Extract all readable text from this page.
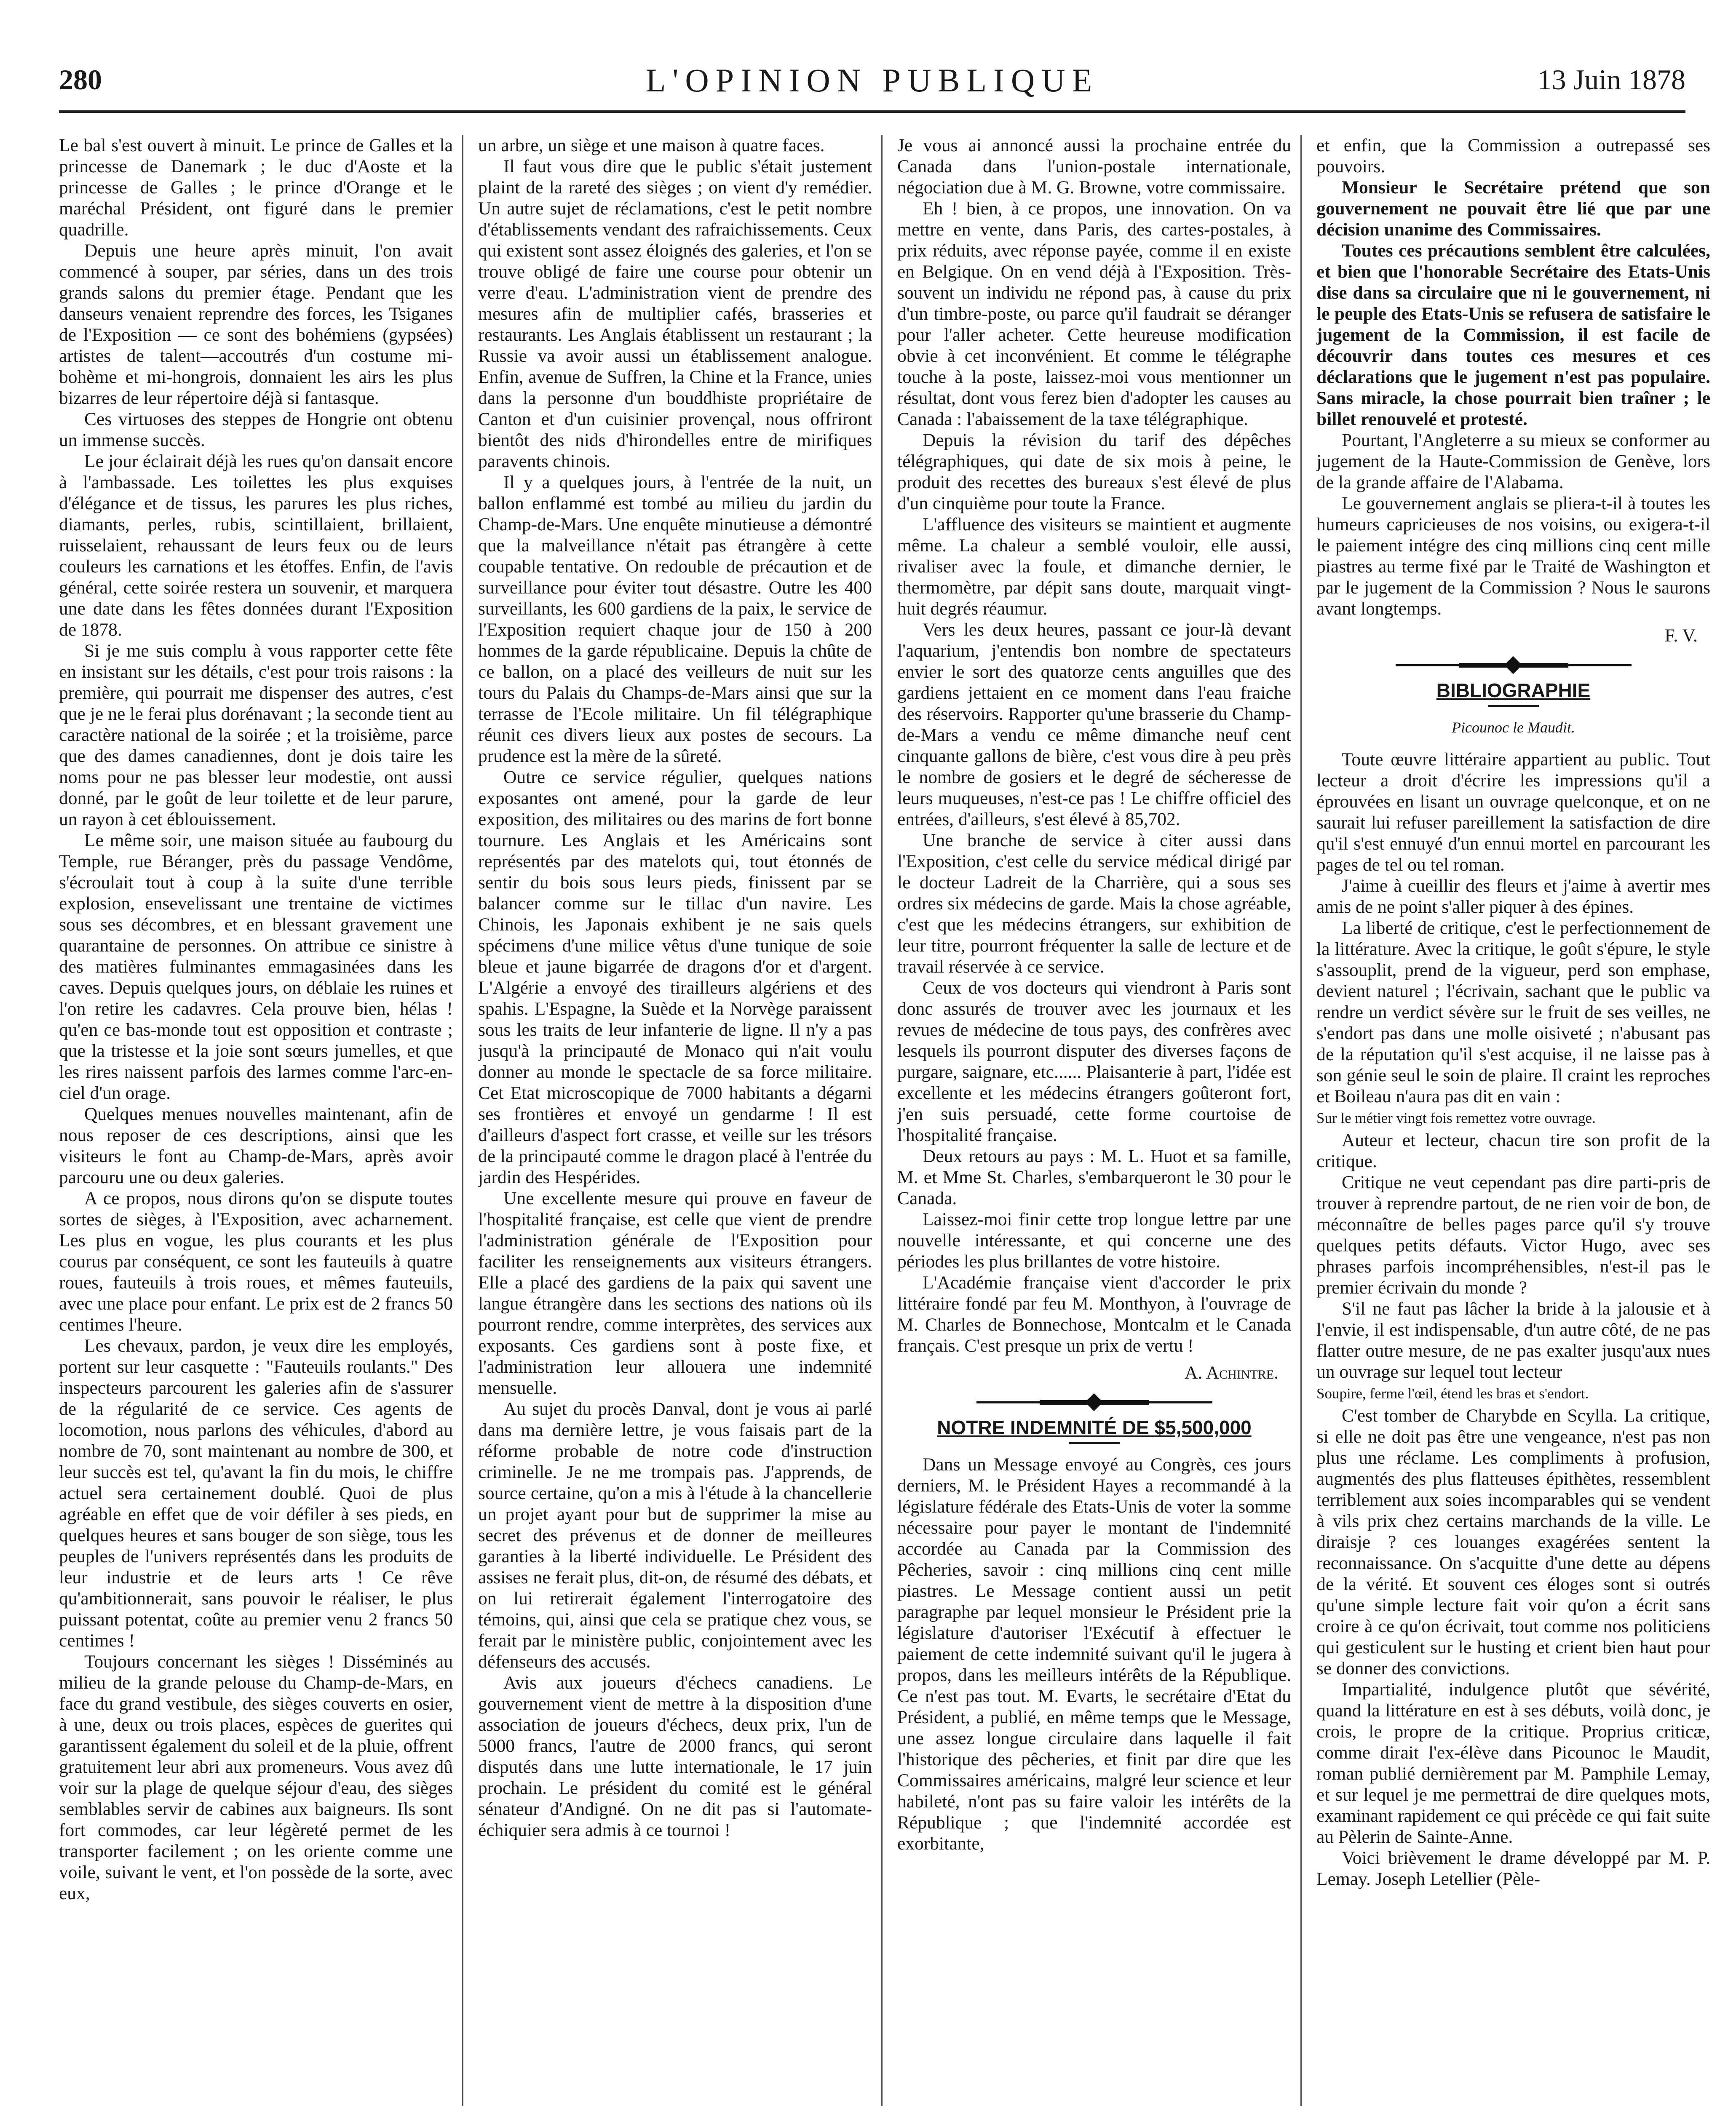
280	L'OPINION PUBLIQUE	13 Juin 1878

Le bal s'est ouvert à minuit. Le prince de Galles et la princesse de Danemark ; le duc d'Aoste et la princesse de Galles ; le prince d'Orange et le maréchal Président, ont figuré dans le premier quadrille.

Depuis une heure après minuit, l'on avait commencé à souper, par séries, dans un des trois grands salons du premier étage. Pendant que les danseurs venaient reprendre des forces, les Tsiganes de l'Exposition — ce sont des bohémiens (gypsées) artistes de talent—accoutrés d'un costume mi-bohème et mi-hongrois, donnaient les airs les plus bizarres de leur répertoire déjà si fantasque.

Ces virtuoses des steppes de Hongrie ont obtenu un immense succès.

Le jour éclairait déjà les rues qu'on dansait encore à l'ambassade. Les toilettes les plus exquises d'élégance et de tissus, les parures les plus riches, diamants, perles, rubis, scintillaient, brillaient, ruisselaient, rehaussant de leurs feux ou de leurs couleurs les carnations et les étoffes. Enfin, de l'avis général, cette soirée restera un souvenir, et marquera une date dans les fêtes données durant l'Exposition de 1878.

Si je me suis complu à vous rapporter cette fête en insistant sur les détails, c'est pour trois raisons : la première, qui pourrait me dispenser des autres, c'est que je ne le ferai plus dorénavant ; la seconde tient au caractère national de la soirée ; et la troisième, parce que des dames canadiennes, dont je dois taire les noms pour ne pas blesser leur modestie, ont aussi donné, par le goût de leur toilette et de leur parure, un rayon à cet éblouissement.

Le même soir, une maison située au faubourg du Temple, rue Béranger, près du passage Vendôme, s'écroulait tout à coup à la suite d'une terrible explosion, ensevelissant une trentaine de victimes sous ses décombres, et en blessant gravement une quarantaine de personnes. On attribue ce sinistre à des matières fulminantes emmagasinées dans les caves. Depuis quelques jours, on déblaie les ruines et l'on retire les cadavres. Cela prouve bien, hélas ! qu'en ce bas-monde tout est opposition et contraste ; que la tristesse et la joie sont sœurs jumelles, et que les rires naissent parfois des larmes comme l'arc-en-ciel d'un orage.

Quelques menues nouvelles maintenant, afin de nous reposer de ces descriptions, ainsi que les visiteurs le font au Champ-de-Mars, après avoir parcouru une ou deux galeries.

A ce propos, nous dirons qu'on se dispute toutes sortes de sièges, à l'Exposition, avec acharnement. Les plus en vogue, les plus courants et les plus courus par conséquent, ce sont les fauteuils à quatre roues, fauteuils à trois roues, et mêmes fauteuils, avec une place pour enfant. Le prix est de 2 francs 50 centimes l'heure.

Les chevaux, pardon, je veux dire les employés, portent sur leur casquette : "Fauteuils roulants." Des inspecteurs parcourent les galeries afin de s'assurer de la régularité de ce service. Ces agents de locomotion, nous parlons des véhicules, d'abord au nombre de 70, sont maintenant au nombre de 300, et leur succès est tel, qu'avant la fin du mois, le chiffre actuel sera certainement doublé. Quoi de plus agréable en effet que de voir défiler à ses pieds, en quelques heures et sans bouger de son siège, tous les peuples de l'univers représentés dans les produits de leur industrie et de leurs arts ! Ce rêve qu'ambitionnerait, sans pouvoir le réaliser, le plus puissant potentat, coûte au premier venu 2 francs 50 centimes !

Toujours concernant les sièges ! Disséminés au milieu de la grande pelouse du Champ-de-Mars, en face du grand vestibule, des sièges couverts en osier, à une, deux ou trois places, espèces de guerites qui garantissent également du soleil et de la pluie, offrent gratuitement leur abri aux promeneurs. Vous avez dû voir sur la plage de quelque séjour d'eau, des sièges semblables servir de cabines aux baigneurs. Ils sont fort commodes, car leur légèreté permet de les transporter facilement ; on les oriente comme une voile, suivant le vent, et l'on possède de la sorte, avec eux,

un arbre, un siège et une maison à quatre faces.

Il faut vous dire que le public s'était justement plaint de la rareté des sièges ; on vient d'y remédier. Un autre sujet de réclamations, c'est le petit nombre d'établissements vendant des rafraichissements. Ceux qui existent sont assez éloignés des galeries, et l'on se trouve obligé de faire une course pour obtenir un verre d'eau. L'administration vient de prendre des mesures afin de multiplier cafés, brasseries et restaurants. Les Anglais établissent un restaurant ; la Russie va avoir aussi un établissement analogue. Enfin, avenue de Suffren, la Chine et la France, unies dans la personne d'un bouddhiste propriétaire de Canton et d'un cuisinier provençal, nous offriront bientôt des nids d'hirondelles entre de mirifiques paravents chinois.

Il y a quelques jours, à l'entrée de la nuit, un ballon enflammé est tombé au milieu du jardin du Champ-de-Mars. Une enquête minutieuse a démontré que la malveillance n'était pas étrangère à cette coupable tentative. On redouble de précaution et de surveillance pour éviter tout désastre. Outre les 400 surveillants, les 600 gardiens de la paix, le service de l'Exposition requiert chaque jour de 150 à 200 hommes de la garde républicaine. Depuis la chûte de ce ballon, on a placé des veilleurs de nuit sur les tours du Palais du Champs-de-Mars ainsi que sur la terrasse de l'Ecole militaire. Un fil télégraphique réunit ces divers lieux aux postes de secours. La prudence est la mère de la sûreté.

Outre ce service régulier, quelques nations exposantes ont amené, pour la garde de leur exposition, des militaires ou des marins de fort bonne tournure. Les Anglais et les Américains sont représentés par des matelots qui, tout étonnés de sentir du bois sous leurs pieds, finissent par se balancer comme sur le tillac d'un navire. Les Chinois, les Japonais exhibent je ne sais quels spécimens d'une milice vêtus d'une tunique de soie bleue et jaune bigarrée de dragons d'or et d'argent. L'Algérie a envoyé des tirailleurs algériens et des spahis. L'Espagne, la Suède et la Norvège paraissent sous les traits de leur infanterie de ligne. Il n'y a pas jusqu'à la principauté de Monaco qui n'ait voulu donner au monde le spectacle de sa force militaire. Cet Etat microscopique de 7000 habitants a dégarni ses frontières et envoyé un gendarme ! Il est d'ailleurs d'aspect fort crasse, et veille sur les trésors de la principauté comme le dragon placé à l'entrée du jardin des Hespérides.

Une excellente mesure qui prouve en faveur de l'hospitalité française, est celle que vient de prendre l'administration générale de l'Exposition pour faciliter les renseignements aux visiteurs étrangers. Elle a placé des gardiens de la paix qui savent une langue étrangère dans les sections des nations où ils pourront rendre, comme interprètes, des services aux exposants. Ces gardiens sont à poste fixe, et l'administration leur allouera une indemnité mensuelle.

Au sujet du procès Danval, dont je vous ai parlé dans ma dernière lettre, je vous faisais part de la réforme probable de notre code d'instruction criminelle. Je ne me trompais pas. J'apprends, de source certaine, qu'on a mis à l'étude à la chancellerie un projet ayant pour but de supprimer la mise au secret des prévenus et de donner de meilleures garanties à la liberté individuelle. Le Président des assises ne ferait plus, dit-on, de résumé des débats, et on lui retirerait également l'interrogatoire des témoins, qui, ainsi que cela se pratique chez vous, se ferait par le ministère public, conjointement avec les défenseurs des accusés.

Avis aux joueurs d'échecs canadiens. Le gouvernement vient de mettre à la disposition d'une association de joueurs d'échecs, deux prix, l'un de 5000 francs, l'autre de 2000 francs, qui seront disputés dans une lutte internationale, le 17 juin prochain. Le président du comité est le général sénateur d'Andigné. On ne dit pas si l'automate-échiquier sera admis à ce tournoi !

Je vous ai annoncé aussi la prochaine entrée du Canada dans l'union-postale internationale, négociation due à M. G. Browne, votre commissaire.

Eh ! bien, à ce propos, une innovation. On va mettre en vente, dans Paris, des cartes-postales, à prix réduits, avec réponse payée, comme il en existe en Belgique. On en vend déjà à l'Exposition. Très-souvent un individu ne répond pas, à cause du prix d'un timbre-poste, ou parce qu'il faudrait se déranger pour l'aller acheter. Cette heureuse modification obvie à cet inconvénient. Et comme le télégraphe touche à la poste, laissez-moi vous mentionner un résultat, dont vous ferez bien d'adopter les causes au Canada : l'abaissement de la taxe télégraphique.

Depuis la révision du tarif des dépêches télégraphiques, qui date de six mois à peine, le produit des recettes des bureaux s'est élevé de plus d'un cinquième pour toute la France.

L'affluence des visiteurs se maintient et augmente même. La chaleur a semblé vouloir, elle aussi, rivaliser avec la foule, et dimanche dernier, le thermomètre, par dépit sans doute, marquait vingt-huit degrés réaumur.

Vers les deux heures, passant ce jour-là devant l'aquarium, j'entendis bon nombre de spectateurs envier le sort des quatorze cents anguilles que des gardiens jettaient en ce moment dans l'eau fraiche des réservoirs. Rapporter qu'une brasserie du Champ-de-Mars a vendu ce même dimanche neuf cent cinquante gallons de bière, c'est vous dire à peu près le nombre de gosiers et le degré de sécheresse de leurs muqueuses, n'est-ce pas ! Le chiffre officiel des entrées, d'ailleurs, s'est élevé à 85,702.

Une branche de service à citer aussi dans l'Exposition, c'est celle du service médical dirigé par le docteur Ladreit de la Charrière, qui a sous ses ordres six médecins de garde. Mais la chose agréable, c'est que les médecins étrangers, sur exhibition de leur titre, pourront fréquenter la salle de lecture et de travail réservée à ce service.

Ceux de vos docteurs qui viendront à Paris sont donc assurés de trouver avec les journaux et les revues de médecine de tous pays, des confrères avec lesquels ils pourront disputer des diverses façons de purgare, saignare, etc...... Plaisanterie à part, l'idée est excellente et les médecins étrangers goûteront fort, j'en suis persuadé, cette forme courtoise de l'hospitalité française.

Deux retours au pays : M. L. Huot et sa famille, M. et Mme St. Charles, s'embarqueront le 30 pour le Canada.

Laissez-moi finir cette trop longue lettre par une nouvelle intéressante, et qui concerne une des périodes les plus brillantes de votre histoire.

L'Académie française vient d'accorder le prix littéraire fondé par feu M. Monthyon, à l'ouvrage de M. Charles de Bonnechose, Montcalm et le Canada français. C'est presque un prix de vertu !

A. Achintre.
NOTRE INDEMNITÉ DE $5,500,000

Dans un Message envoyé au Congrès, ces jours derniers, M. le Président Hayes a recommandé à la législature fédérale des Etats-Unis de voter la somme nécessaire pour payer le montant de l'indemnité accordée au Canada par la Commission des Pêcheries, savoir : cinq millions cinq cent mille piastres. Le Message contient aussi un petit paragraphe par lequel monsieur le Président prie la législature d'autoriser l'Exécutif à effectuer le paiement de cette indemnité suivant qu'il le jugera à propos, dans les meilleurs intérêts de la République. Ce n'est pas tout. M. Evarts, le secrétaire d'Etat du Président, a publié, en même temps que le Message, une assez longue circulaire dans laquelle il fait l'historique des pêcheries, et finit par dire que les Commissaires américains, malgré leur science et leur habileté, n'ont pas su faire valoir les intérêts de la République ; que l'indemnité accordée est exorbitante,

et enfin, que la Commission a outrepassé ses pouvoirs.

Monsieur le Secrétaire prétend que son gouvernement ne pouvait être lié que par une décision unanime des Commissaires.

Toutes ces précautions semblent être calculées, et bien que l'honorable Secrétaire des Etats-Unis dise dans sa circulaire que ni le gouvernement, ni le peuple des Etats-Unis se refusera de satisfaire le jugement de la Commission, il est facile de découvrir dans toutes ces mesures et ces déclarations que le jugement n'est pas populaire. Sans miracle, la chose pourrait bien traîner ; le billet renouvelé et protesté.

Pourtant, l'Angleterre a su mieux se conformer au jugement de la Haute-Commission de Genève, lors de la grande affaire de l'Alabama.

Le gouvernement anglais se pliera-t-il à toutes les humeurs capricieuses de nos voisins, ou exigera-t-il le paiement intégre des cinq millions cinq cent mille piastres au terme fixé par le Traité de Washington et par le jugement de la Commission ? Nous le saurons avant longtemps.

F. V.
BIBLIOGRAPHIE
Picounoc le Maudit.

Toute œuvre littéraire appartient au public. Tout lecteur a droit d'écrire les impressions qu'il a éprouvées en lisant un ouvrage quelconque, et on ne saurait lui refuser pareillement la satisfaction de dire qu'il s'est ennuyé d'un ennui mortel en parcourant les pages de tel ou tel roman.

J'aime à cueillir des fleurs et j'aime à avertir mes amis de ne point s'aller piquer à des épines.

La liberté de critique, c'est le perfectionnement de la littérature. Avec la critique, le goût s'épure, le style s'assouplit, prend de la vigueur, perd son emphase, devient naturel ; l'écrivain, sachant que le public va rendre un verdict sévère sur le fruit de ses veilles, ne s'endort pas dans une molle oisiveté ; n'abusant pas de la réputation qu'il s'est acquise, il ne laisse pas à son génie seul le soin de plaire. Il craint les reproches et Boileau n'aura pas dit en vain :

Sur le métier vingt fois remettez votre ouvrage.

Auteur et lecteur, chacun tire son profit de la critique.

Critique ne veut cependant pas dire parti-pris de trouver à reprendre partout, de ne rien voir de bon, de méconnaître de belles pages parce qu'il s'y trouve quelques petits défauts. Victor Hugo, avec ses phrases parfois incompréhensibles, n'est-il pas le premier écrivain du monde ?

S'il ne faut pas lâcher la bride à la jalousie et à l'envie, il est indispensable, d'un autre côté, de ne pas flatter outre mesure, de ne pas exalter jusqu'aux nues un ouvrage sur lequel tout lecteur

Soupire, ferme l'œil, étend les bras et s'endort.

C'est tomber de Charybde en Scylla. La critique, si elle ne doit pas être une vengeance, n'est pas non plus une réclame. Les compliments à profusion, augmentés des plus flatteuses épithètes, ressemblent terriblement aux soies incomparables qui se vendent à vils prix chez certains marchands de la ville. Le diraisje ? ces louanges exagérées sentent la reconnaissance. On s'acquitte d'une dette au dépens de la vérité. Et souvent ces éloges sont si outrés qu'une simple lecture fait voir qu'on a écrit sans croire à ce qu'on écrivait, tout comme nos politiciens qui gesticulent sur le husting et crient bien haut pour se donner des convictions.

Impartialité, indulgence plutôt que sévérité, quand la littérature en est à ses débuts, voilà donc, je crois, le propre de la critique. Proprius criticæ, comme dirait l'ex-élève dans Picounoc le Maudit, roman publié dernièrement par M. Pamphile Lemay, et sur lequel je me permettrai de dire quelques mots, examinant rapidement ce qui précède ce qui fait suite au Pèlerin de Sainte-Anne.

Voici brièvement le drame développé par M. P. Lemay. Joseph Letellier (Pèle-
